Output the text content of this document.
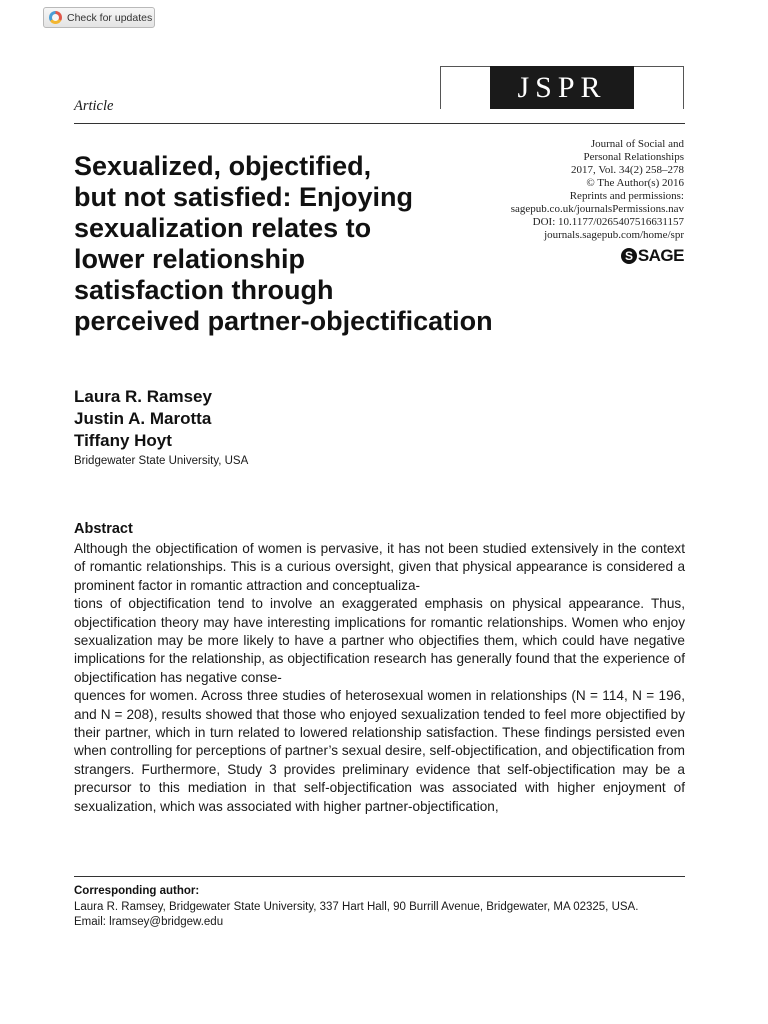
Check for updates
JSPR
Article
Sexualized, objectified,
but not satisfied: Enjoying
sexualization relates to
lower relationship
satisfaction through
perceived partner-objectification
Journal of Social and
Personal Relationships
2017, Vol. 34(2) 258–278
© The Author(s) 2016
Reprints and permissions:
sagepub.co.uk/journalsPermissions.nav
DOI: 10.1177/0265407516631157
journals.sagepub.com/home/spr
S SAGE
Laura R. Ramsey
Justin A. Marotta
Tiffany Hoyt
Bridgewater State University, USA
Abstract

Although the objectification of women is pervasive, it has not been studied extensively in the context of romantic relationships. This is a curious oversight, given that physical appearance is considered a prominent factor in romantic attraction and conceptualiza-
tions of objectification tend to involve an exaggerated emphasis on physical appearance. Thus, objectification theory may have interesting implications for romantic relationships. Women who enjoy sexualization may be more likely to have a partner who objectifies them, which could have negative implications for the relationship, as objectification research has generally found that the experience of objectification has negative conse-
quences for women. Across three studies of heterosexual women in relationships (N = 114, N = 196, and N = 208), results showed that those who enjoyed sexualization tended to feel more objectified by their partner, which in turn related to lowered relationship satisfaction. These findings persisted even when controlling for perceptions of partner’s sexual desire, self-objectification, and objectification from strangers. Furthermore, Study 3 provides preliminary evidence that self-objectification may be a precursor to this mediation in that self-objectification was associated with higher enjoyment of sexualization, which was associated with higher partner-objectification,

Corresponding author:
Laura R. Ramsey, Bridgewater State University, 337 Hart Hall, 90 Burrill Avenue, Bridgewater, MA 02325, USA.
Email: lramsey@bridgew.edu
